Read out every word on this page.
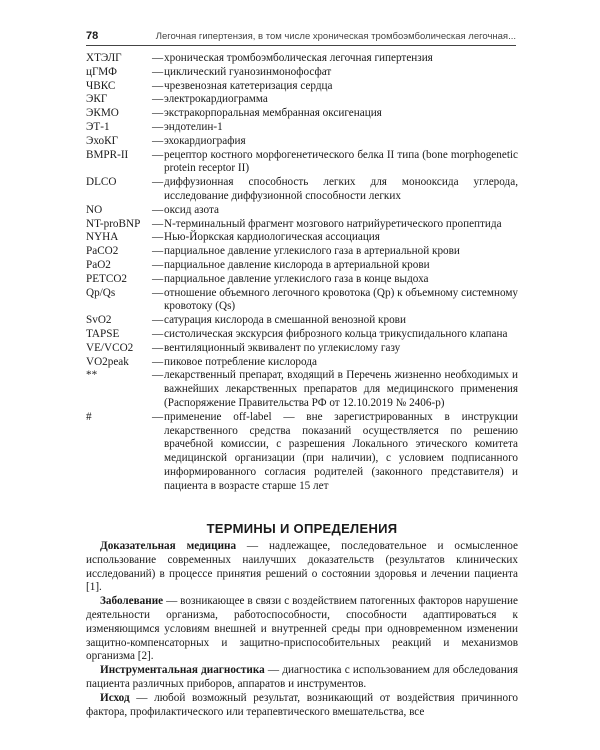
78	Легочная гипертензия, в том числе хроническая тромбоэмболическая легочная...
ХТЭЛГ	— хроническая тромбоэмболическая легочная гипертензия
цГМФ	— циклический гуанозинмонофосфат
ЧВКС	— чрезвенозная катетеризация сердца
ЭКГ	— электрокардиограмма
ЭКМО	— экстракорпоральная мембранная оксигенация
ЭТ-1	— эндотелин-1
ЭхоКГ	— эхокардиография
BMPR-II	— рецептор костного морфогенетического белка II типа (bone morphogenetic protein receptor II)
DLCO	— диффузионная способность легких для монооксида углерода, исследование диффузионной способности легких
NO	— оксид азота
NT-proBNP	— N-терминальный фрагмент мозгового натрийуретического пропептида
NYHA	— Нью-Йоркская кардиологическая ассоциация
PaCO2	— парциальное давление углекислого газа в артериальной крови
PaO2	— парциальное давление кислорода в артериальной крови
PETCO2	— парциальное давление углекислого газа в конце выдоха
Qp/Qs	— отношение объемного легочного кровотока (Qp) к объемному системному кровотоку (Qs)
SvO2	— сатурация кислорода в смешанной венозной крови
TAPSE	— систолическая экскурсия фиброзного кольца трикуспидального клапана
VE/VCO2	— вентиляционный эквивалент по углекислому газу
VO2peak	— пиковое потребление кислорода
**	— лекарственный препарат, входящий в Перечень жизненно необходимых и важнейших лекарственных препаратов для медицинского применения (Распоряжение Правительства РФ от 12.10.2019 № 2406-р)
#	— применение off-label — вне зарегистрированных в инструкции лекарственного средства показаний осуществляется по решению врачебной комиссии, с разрешения Локального этического комитета медицинской организации (при наличии), с условием подписанного информированного согласия родителей (законного представителя) и пациента в возрасте старше 15 лет
ТЕРМИНЫ И ОПРЕДЕЛЕНИЯ

Доказательная медицина — надлежащее, последовательное и осмысленное использование современных наилучших доказательств (результатов клинических исследований) в процессе принятия решений о состоянии здоровья и лечении пациента [1].

Заболевание — возникающее в связи с воздействием патогенных факторов нарушение деятельности организма, работоспособности, способности адаптироваться к изменяющимся условиям внешней и внутренней среды при одновременном изменении защитно-компенсаторных и защитно-приспособительных реакций и механизмов организма [2].

Инструментальная диагностика — диагностика с использованием для обследования пациента различных приборов, аппаратов и инструментов.

Исход — любой возможный результат, возникающий от воздействия причинного фактора, профилактического или терапевтического вмешательства, все
